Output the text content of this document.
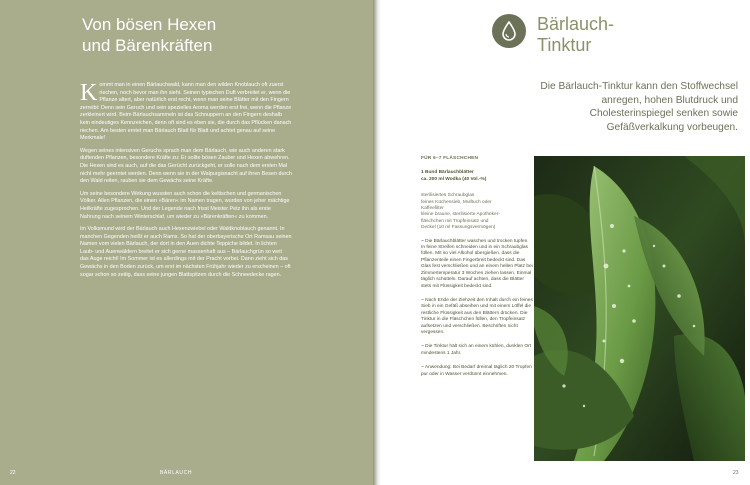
Von bösen Hexen
und Bärenkräften

Kommt man in einen Bärlauchwald, kann man den wilden Knoblauch oft zuerst riechen, noch bevor man ihn sieht. Seinen typischen Duft verbreitet er, wenn die Pflanze altert, aber natürlich erst recht, wenn man seine Blätter mit den Fingern zerreibt: Denn sein Geruch und sein spezielles Aroma werden erst frei, wenn die Pflanze zerkleinert wird. Beim Bärlauchsammeln ist das Schnuppern an den Fingern deshalb kein eindeutiges Kennzeichen, denn oft sind es eben sie, die durch das Pflücken danach riechen. Am besten erntet man Bärlauch Blatt für Blatt und achtet genau auf seine Merkmale!

Wegen seines intensiven Geruchs sprach man dem Bärlauch, wie auch anderen stark duftenden Pflanzen, besondere Kräfte zu: Er sollte bösen Zauber und Hexen abwehren. Die Hexen sind es auch, auf die das Gerücht zurückgeht, er solle nach dem ersten Mal nicht mehr geerntet werden. Denn wenn sie in der Walpurgisnacht auf ihren Besen durch den Wald reiten, rauben sie dem Gewächs seine Kräfte.

Um seine besondere Wirkung wussten auch schon die keltischen und germanischen Völker. Allen Pflanzen, die einen »Bären« im Namen tragen, wurden von jeher mächtige Heilkräfte zugesprochen. Und der Legende nach frisst Meister Petz ihn als erste Nahrung nach seinem Winterschlaf, um wieder zu »Bärenkräften« zu kommen.

Im Volksmund wird der Bärlauch auch Hexenzwiebel oder Waldknoblauch genannt. In manchen Gegenden heißt er auch Rams. So hat der oberbayerische Ort Ramsau seinen Namen vom vielen Bärlauch, der dort in den Auen dichte Teppiche bildet. In lichten Laub- und Auenwäldern breitet er sich gerne massenhaft aus – Bärlauchgrün so weit das Auge reicht! Im Sommer ist es allerdings mit der Pracht vorbei. Dann zieht sich das Gewächs in den Boden zurück, um erst im nächsten Frühjahr wieder zu erscheinen – oft sogar schon so zeitig, dass seine jungen Blattspitzen durch die Schneedecke ragen.

22	BÄRLAUCH
Bärlauch-
Tinktur
Die Bärlauch-Tinktur kann den Stoffwechsel anregen, hohen Blutdruck und Cholesterinspiegel senken sowie Gefäßverkalkung vorbeugen.
FÜR 6–7 FLÄSCHCHEN
1 Bund Bärlauchblätter
ca. 200 ml Wodka (40 Vol.-%)
sterilisiertes Schraubglas
feines Küchensieb, Mulltuch oder
Kaffeefilter
kleine braune, sterilisierte Apotheker-
fläschchen mit Tropfeinsatz und
Deckel (10 ml Fassungsvermögen)
~ Die Bärlauchblätter waschen und trocken tupfen. In feine Streifen schneiden und in ein Schraubglas füllen. Mit so viel Alkohol übergießen, dass die Pflanzenteile einen Fingerbreit bedeckt sind. Das Glas fest verschließen und an einem hellen Platz bei Zimmertemperatur 3 Wochen ziehen lassen. Einmal täglich schütteln. Darauf achten, dass die Blätter stets mit Flüssigkeit bedeckt sind.
~ Nach Ende der Ziehzeit den Inhalt durch ein feines Sieb in ein Gefäß abseihen und mit einem Löffel die restliche Flüssigkeit aus den Blättern drücken. Die Tinktur in die Fläschchen füllen, den Tropfeinsatz aufsetzen und verschließen. Beschriften nicht vergessen.
~ Die Tinktur hält sich an einem kühlen, dunklen Ort mindestens 1 Jahr.
~ Anwendung: Bei Bedarf dreimal täglich 20 Tropfen pur oder in Wasser verdünnt einnehmen.
23
